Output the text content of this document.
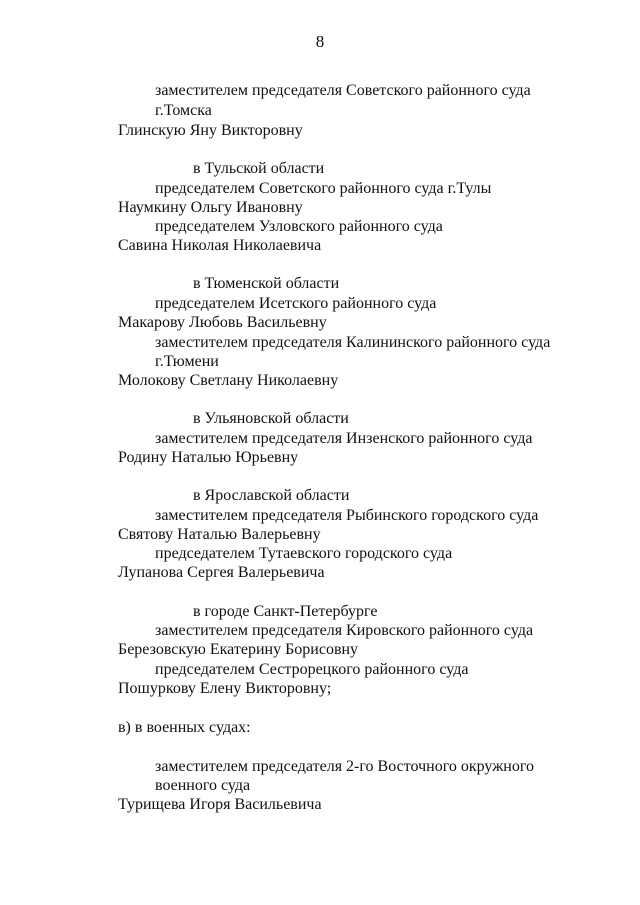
8
заместителем председателя Советского районного суда
г.Томска
Глинскую Яну Викторовну
в Тульской области
председателем Советского районного суда г.Тулы
Наумкину Ольгу Ивановну
председателем Узловского районного суда
Савина Николая Николаевича
в Тюменской области
председателем Исетского районного суда
Макарову Любовь Васильевну
заместителем председателя Калининского районного суда
г.Тюмени
Молокову Светлану Николаевну
в Ульяновской области
заместителем председателя Инзенского районного суда
Родину Наталью Юрьевну
в Ярославской области
заместителем председателя Рыбинского городского суда
Святову Наталью Валерьевну
председателем Тутаевского городского суда
Лупанова Сергея Валерьевича
в городе Санкт-Петербурге
заместителем председателя Кировского районного суда
Березовскую Екатерину Борисовну
председателем Сестрорецкого районного суда
Пошуркову Елену Викторовну;
в) в военных судах:
заместителем председателя 2-го Восточного окружного
военного суда
Турищева Игоря Васильевича
